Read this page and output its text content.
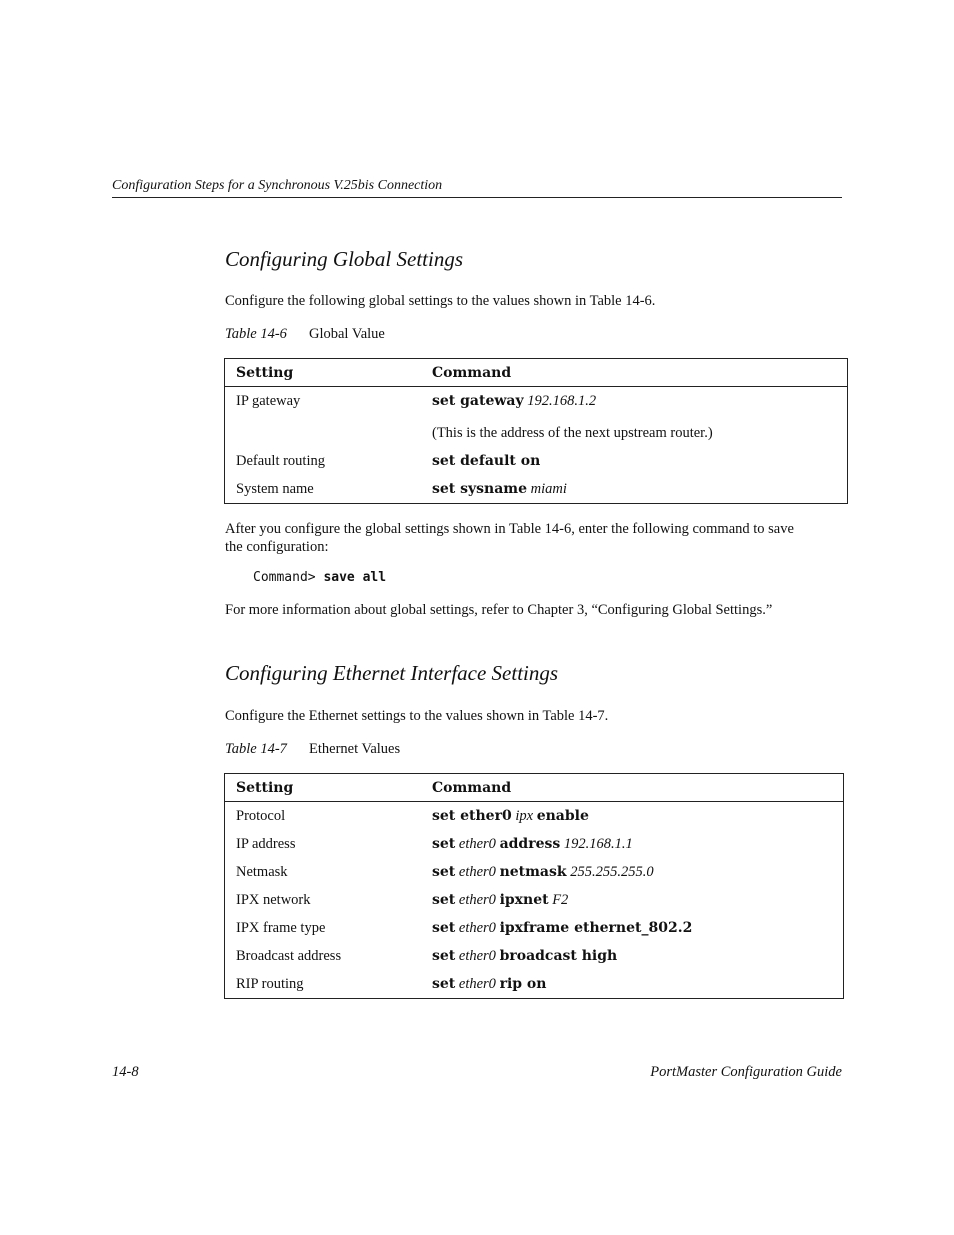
Configuration Steps for a Synchronous V.25bis Connection
Configuring Global Settings

Configure the following global settings to the values shown in Table 14-6.

Table 14-6 Global Value
Setting	Command
IP gateway	set gateway 192.168.1.2
	(This is the address of the next upstream router.)
Default routing	set default on
System name	set sysname miami

After you configure the global settings shown in Table 14-6, enter the following command to save the configuration:

Command> save all

For more information about global settings, refer to Chapter 3, “Configuring Global Settings.”

Configuring Ethernet Interface Settings

Configure the Ethernet settings to the values shown in Table 14-7.

Table 14-7 Ethernet Values
Setting	Command
Protocol	set ether0 ipx enable
IP address	set ether0 address 192.168.1.1
Netmask	set ether0 netmask 255.255.255.0
IPX network	set ether0 ipxnet F2
IPX frame type	set ether0 ipxframe ethernet_802.2
Broadcast address	set ether0 broadcast high
RIP routing	set ether0 rip on
14-8	PortMaster Configuration Guide
